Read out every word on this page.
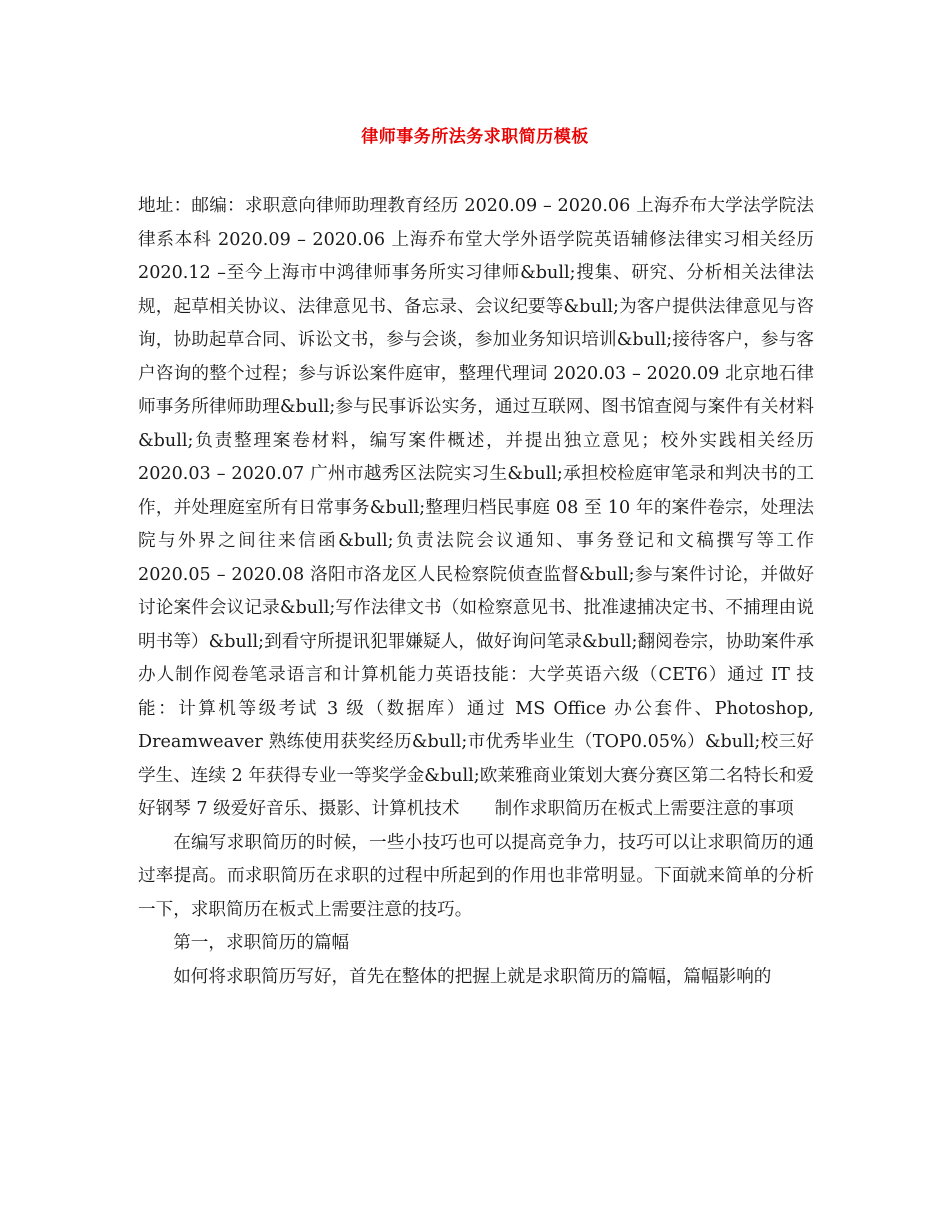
律师事务所法务求职简历模板

地址：邮编：求职意向律师助理教育经历 2020.09 – 2020.06 上海乔布大学法学院法律系本科 2020.09 – 2020.06 上海乔布堂大学外语学院英语辅修法律实习相关经历 2020.12 –至今上海市中鸿律师事务所实习律师&bull;搜集、研究、分析相关法律法规，起草相关协议、法律意见书、备忘录、会议纪要等&bull;为客户提供法律意见与咨询，协助起草合同、诉讼文书，参与会谈，参加业务知识培训&bull;接待客户，参与客户咨询的整个过程；参与诉讼案件庭审，整理代理词 2020.03 – 2020.09 北京地石律师事务所律师助理&bull;参与民事诉讼实务，通过互联网、图书馆查阅与案件有关材料&bull;负责整理案卷材料，编写案件概述，并提出独立意见；校外实践相关经历 2020.03 – 2020.07 广州市越秀区法院实习生&bull;承担校检庭审笔录和判决书的工作，并处理庭室所有日常事务&bull;整理归档民事庭 08 至 10 年的案件卷宗，处理法院与外界之间往来信函&bull;负责法院会议通知、事务登记和文稿撰写等工作 2020.05 – 2020.08 洛阳市洛龙区人民检察院侦查监督&bull;参与案件讨论，并做好讨论案件会议记录&bull;写作法律文书（如检察意见书、批准逮捕决定书、不捕理由说明书等）&bull;到看守所提讯犯罪嫌疑人，做好询问笔录&bull;翻阅卷宗，协助案件承办人制作阅卷笔录语言和计算机能力英语技能：大学英语六级（CET6）通过 IT 技能：计算机等级考试 3 级（数据库）通过 MS Office 办公套件、Photoshop, Dreamweaver 熟练使用获奖经历&bull;市优秀毕业生（TOP0.05%）&bull;校三好学生、连续 2 年获得专业一等奖学金&bull;欧莱雅商业策划大赛分赛区第二名特长和爱好钢琴 7 级爱好音乐、摄影、计算机技术　　制作求职简历在板式上需要注意的事项

在编写求职简历的时候，一些小技巧也可以提高竞争力，技巧可以让求职简历的通过率提高。而求职简历在求职的过程中所起到的作用也非常明显。下面就来简单的分析一下，求职简历在板式上需要注意的技巧。

第一，求职简历的篇幅

如何将求职简历写好，首先在整体的把握上就是求职简历的篇幅，篇幅影响的
